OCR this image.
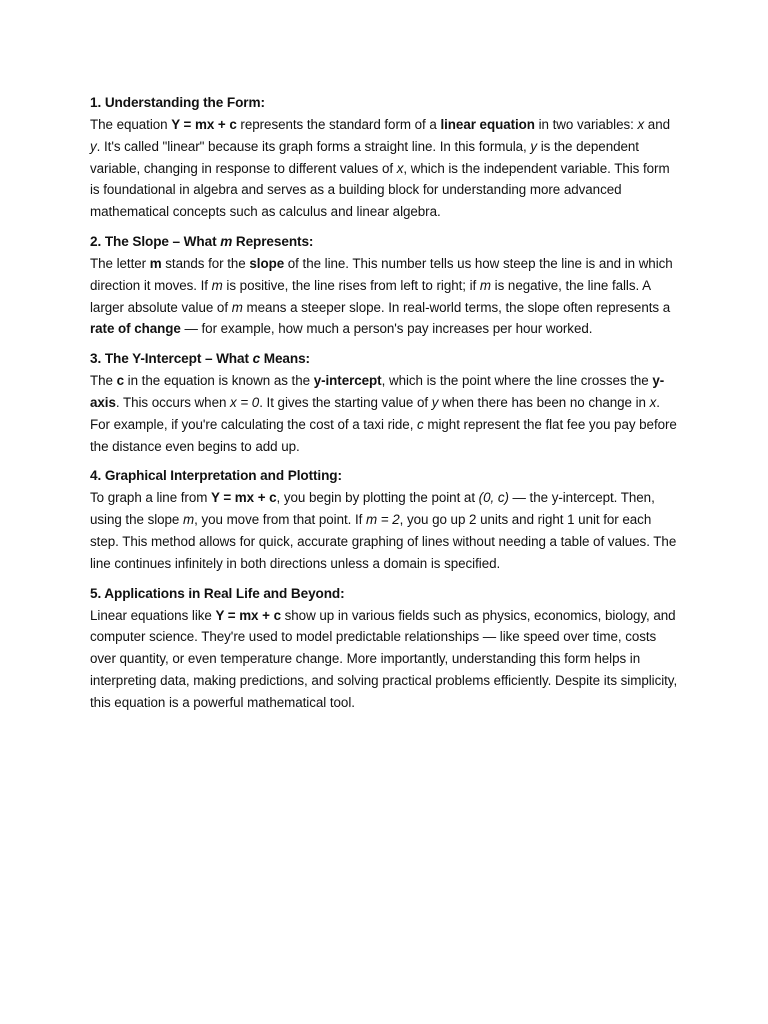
1. Understanding the Form:

The equation Y = mx + c represents the standard form of a linear equation in two variables: x and y. It's called "linear" because its graph forms a straight line. In this formula, y is the dependent variable, changing in response to different values of x, which is the independent variable. This form is foundational in algebra and serves as a building block for understanding more advanced mathematical concepts such as calculus and linear algebra.

2. The Slope – What m Represents:

The letter m stands for the slope of the line. This number tells us how steep the line is and in which direction it moves. If m is positive, the line rises from left to right; if m is negative, the line falls. A larger absolute value of m means a steeper slope. In real-world terms, the slope often represents a rate of change — for example, how much a person's pay increases per hour worked.

3. The Y-Intercept – What c Means:

The c in the equation is known as the y-intercept, which is the point where the line crosses the y-axis. This occurs when x = 0. It gives the starting value of y when there has been no change in x. For example, if you're calculating the cost of a taxi ride, c might represent the flat fee you pay before the distance even begins to add up.

4. Graphical Interpretation and Plotting:

To graph a line from Y = mx + c, you begin by plotting the point at (0, c) — the y-intercept. Then, using the slope m, you move from that point. If m = 2, you go up 2 units and right 1 unit for each step. This method allows for quick, accurate graphing of lines without needing a table of values. The line continues infinitely in both directions unless a domain is specified.

5. Applications in Real Life and Beyond:

Linear equations like Y = mx + c show up in various fields such as physics, economics, biology, and computer science. They're used to model predictable relationships — like speed over time, costs over quantity, or even temperature change. More importantly, understanding this form helps in interpreting data, making predictions, and solving practical problems efficiently. Despite its simplicity, this equation is a powerful mathematical tool.
